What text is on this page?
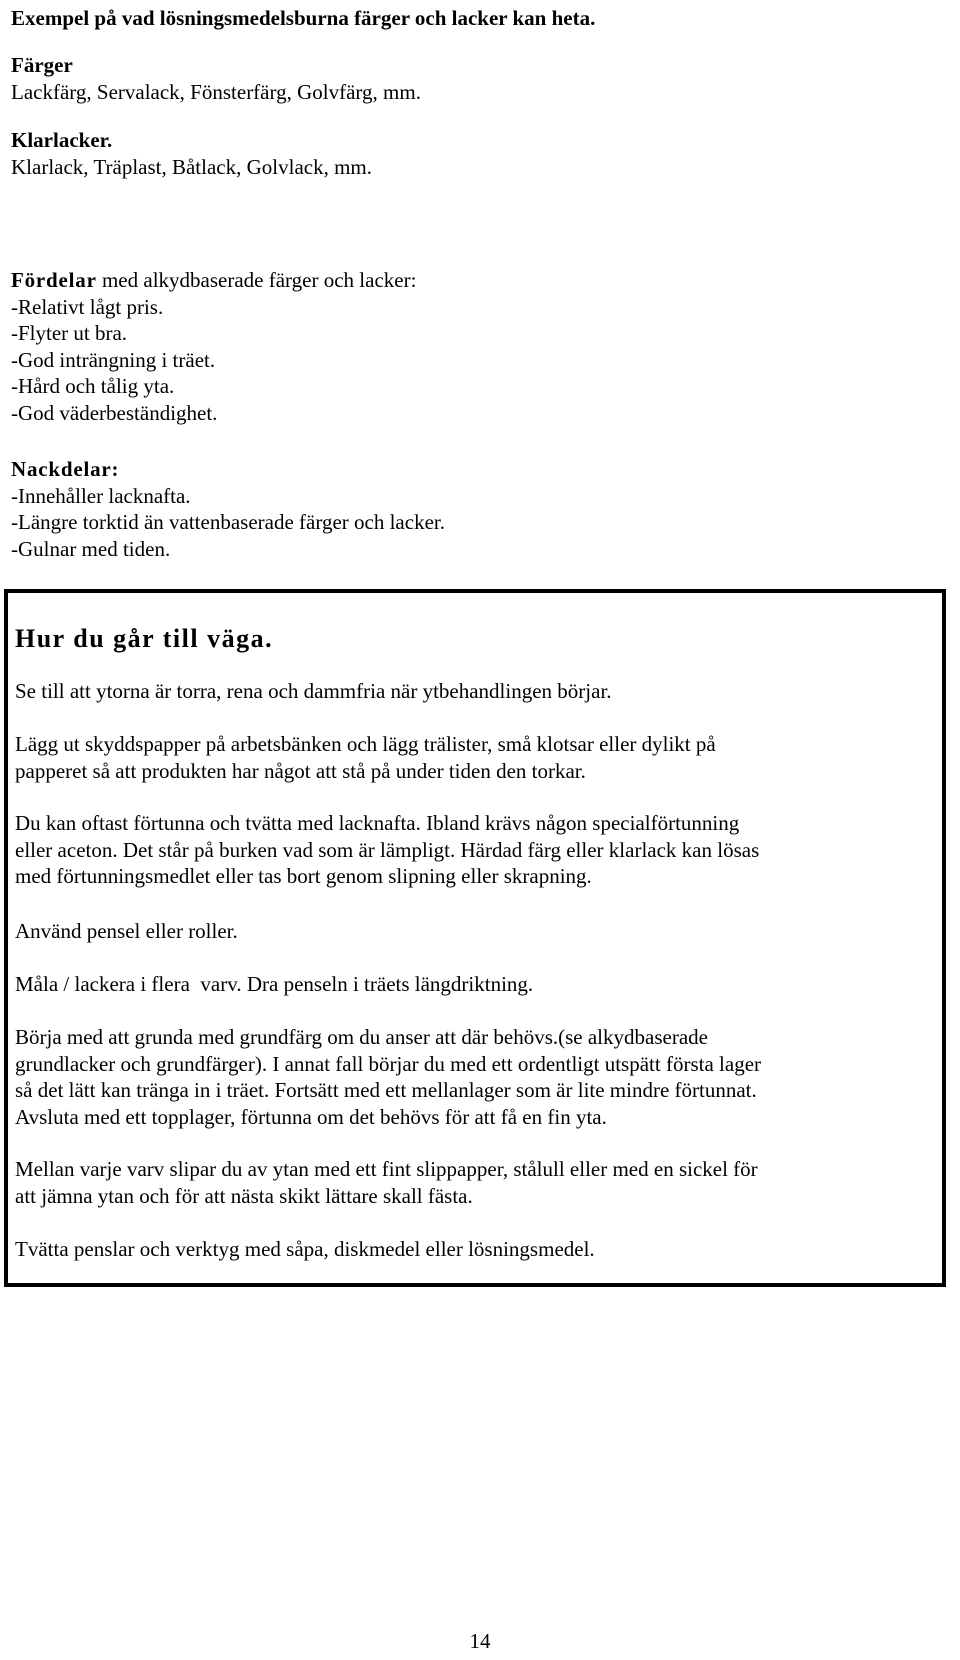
Exempel på vad lösningsmedelsburna färger och lacker kan heta.
Färger
Lackfärg, Servalack, Fönsterfärg, Golvfärg, mm.
Klarlacker.
Klarlack, Träplast, Båtlack, Golvlack, mm.
Fördelar med alkydbaserade färger och lacker:
-Relativt lågt pris.
-Flyter ut bra.
-God inträngning i träet.
-Hård och tålig yta.
-God väderbeständighet.
Nackdelar:
-Innehåller lacknafta.
-Längre torktid än vattenbaserade färger och lacker.
-Gulnar med tiden.
Hur du går till väga.
Se till att ytorna är torra, rena och dammfria när ytbehandlingen börjar.
Lägg ut skyddspapper på arbetsbänken och lägg trälister, små klotsar eller dylikt på
papperet så att produkten har något att stå på under tiden den torkar.
Du kan oftast förtunna och tvätta med lacknafta. Ibland krävs någon specialförtunning
eller aceton. Det står på burken vad som är lämpligt. Härdad färg eller klarlack kan lösas
med förtunningsmedlet eller tas bort genom slipning eller skrapning.
Använd pensel eller roller.
Måla / lackera i flera  varv. Dra penseln i träets längdriktning.
Börja med att grunda med grundfärg om du anser att där behövs.(se alkydbaserade
grundlacker och grundfärger). I annat fall börjar du med ett ordentligt utspätt första lager
så det lätt kan tränga in i träet. Fortsätt med ett mellanlager som är lite mindre förtunnat.
Avsluta med ett topplager, förtunna om det behövs för att få en fin yta.
Mellan varje varv slipar du av ytan med ett fint slippapper, stålull eller med en sickel för
att jämna ytan och för att nästa skikt lättare skall fästa.
Tvätta penslar och verktyg med såpa, diskmedel eller lösningsmedel.
14
